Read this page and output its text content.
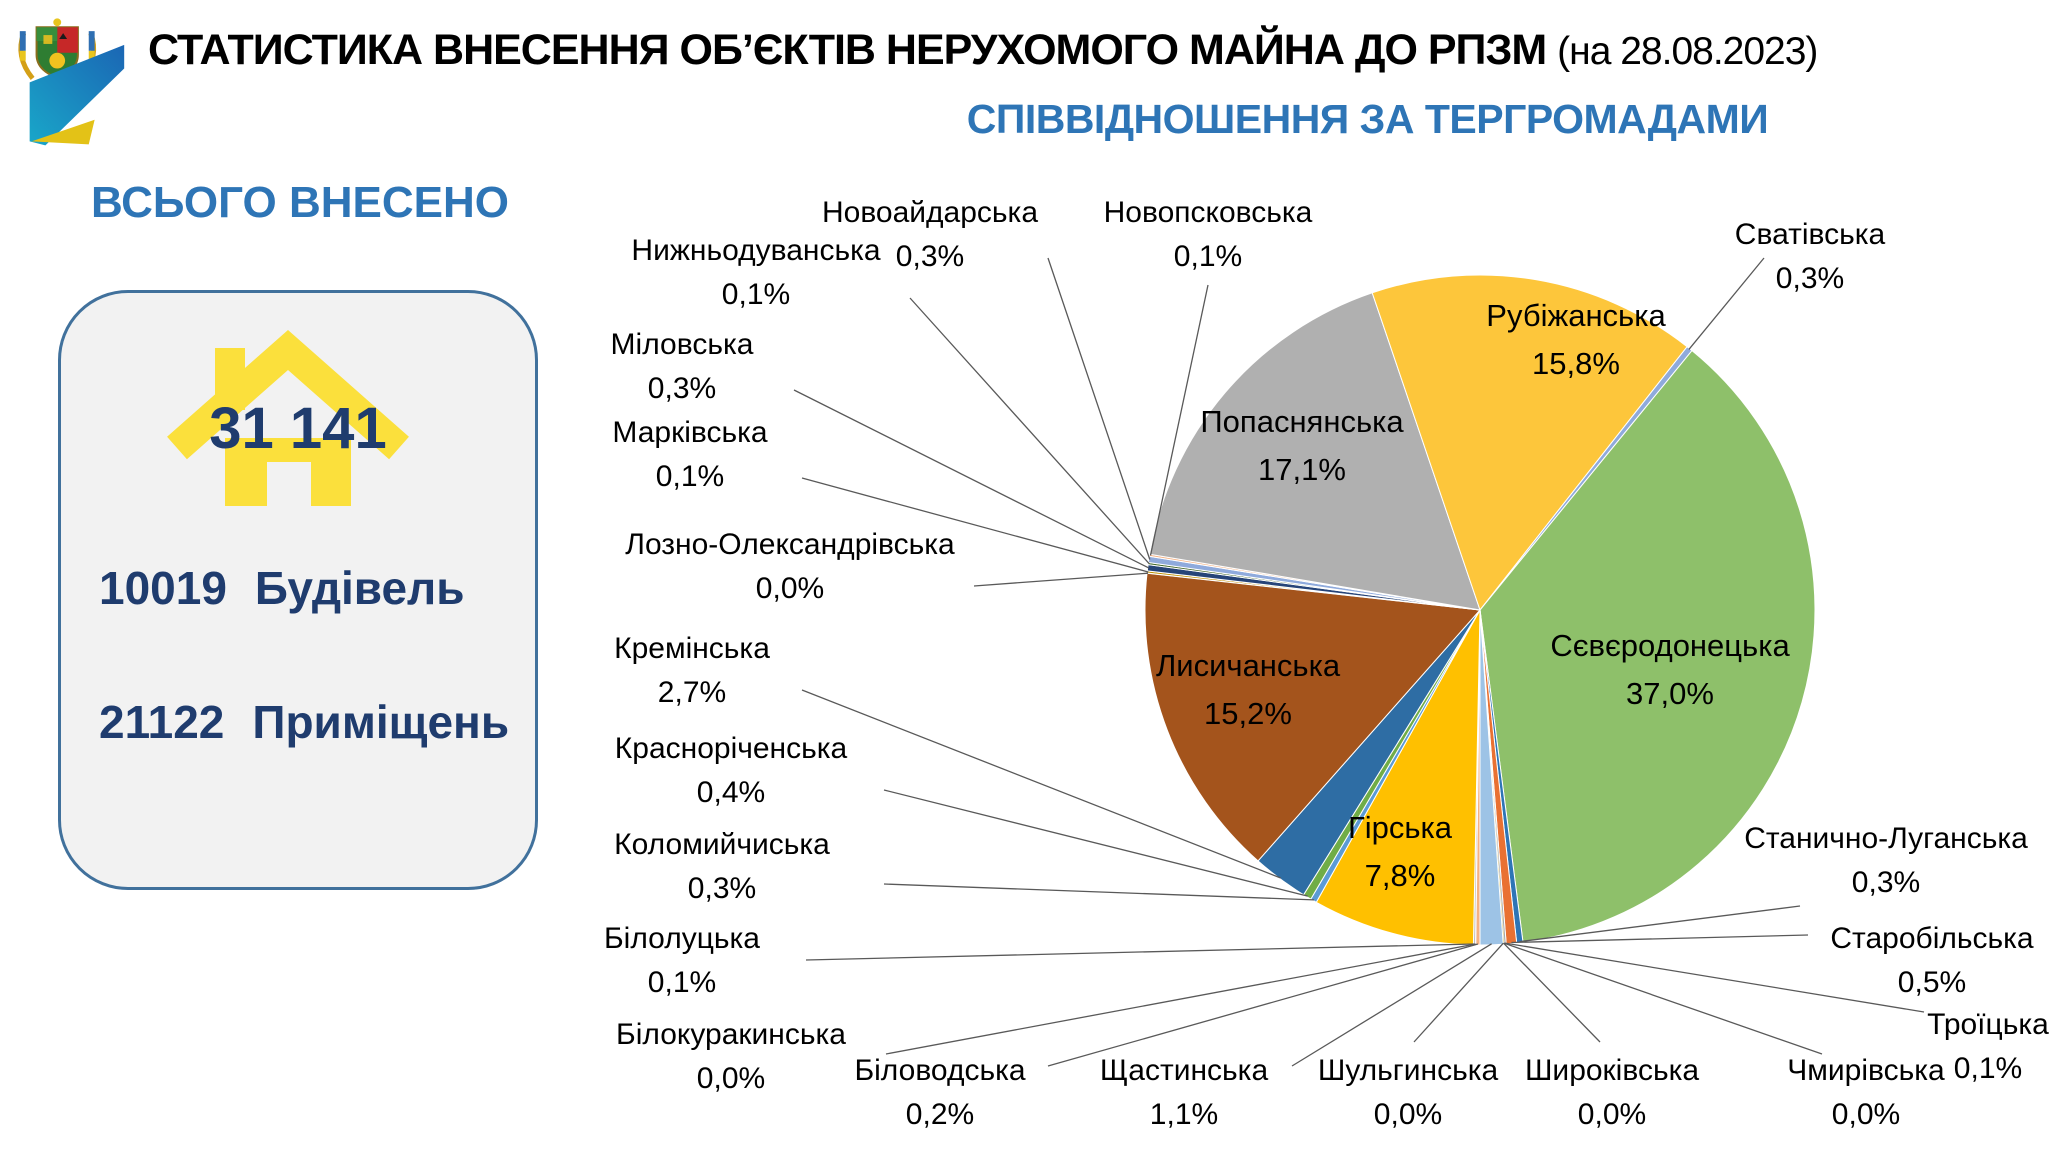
СТАТИСТИКА ВНЕСЕННЯ ОБ’ЄКТІВ НЕРУХОМОГО МАЙНА ДО РПЗМ (на 28.08.2023)
СПІВВІДНОШЕННЯ ЗА ТЕРГРОМАДАМИ
ВСЬОГО ВНЕСЕНО
31 141
10019 Будівель
21122 Приміщень
Біловодська
0,2%
Білокуракинська
0,0%
Білолуцька
0,1%
Гірська
7,8%
Коломийчиська
0,3%
Красноріченська
0,4%
Кремінська
2,7%
Лисичанська
15,2%
Лозно-Олександрівська
0,0%
Марківська
0,1%
Міловська
0,3%
Нижньодуванська
0,1%
Новоайдарська
0,3%
Новопсковська
0,1%
Попаснянська
17,1%
Рубіжанська
15,8%
Сватівська
0,3%
Сєвєродонецька
37,0%
Станично-Луганська
0,3%
Старобільська
0,5%
Троїцька
0,1%
Чмирівська
0,0%
Широківська
0,0%
Шульгинська
0,0%
Щастинська
1,1%
